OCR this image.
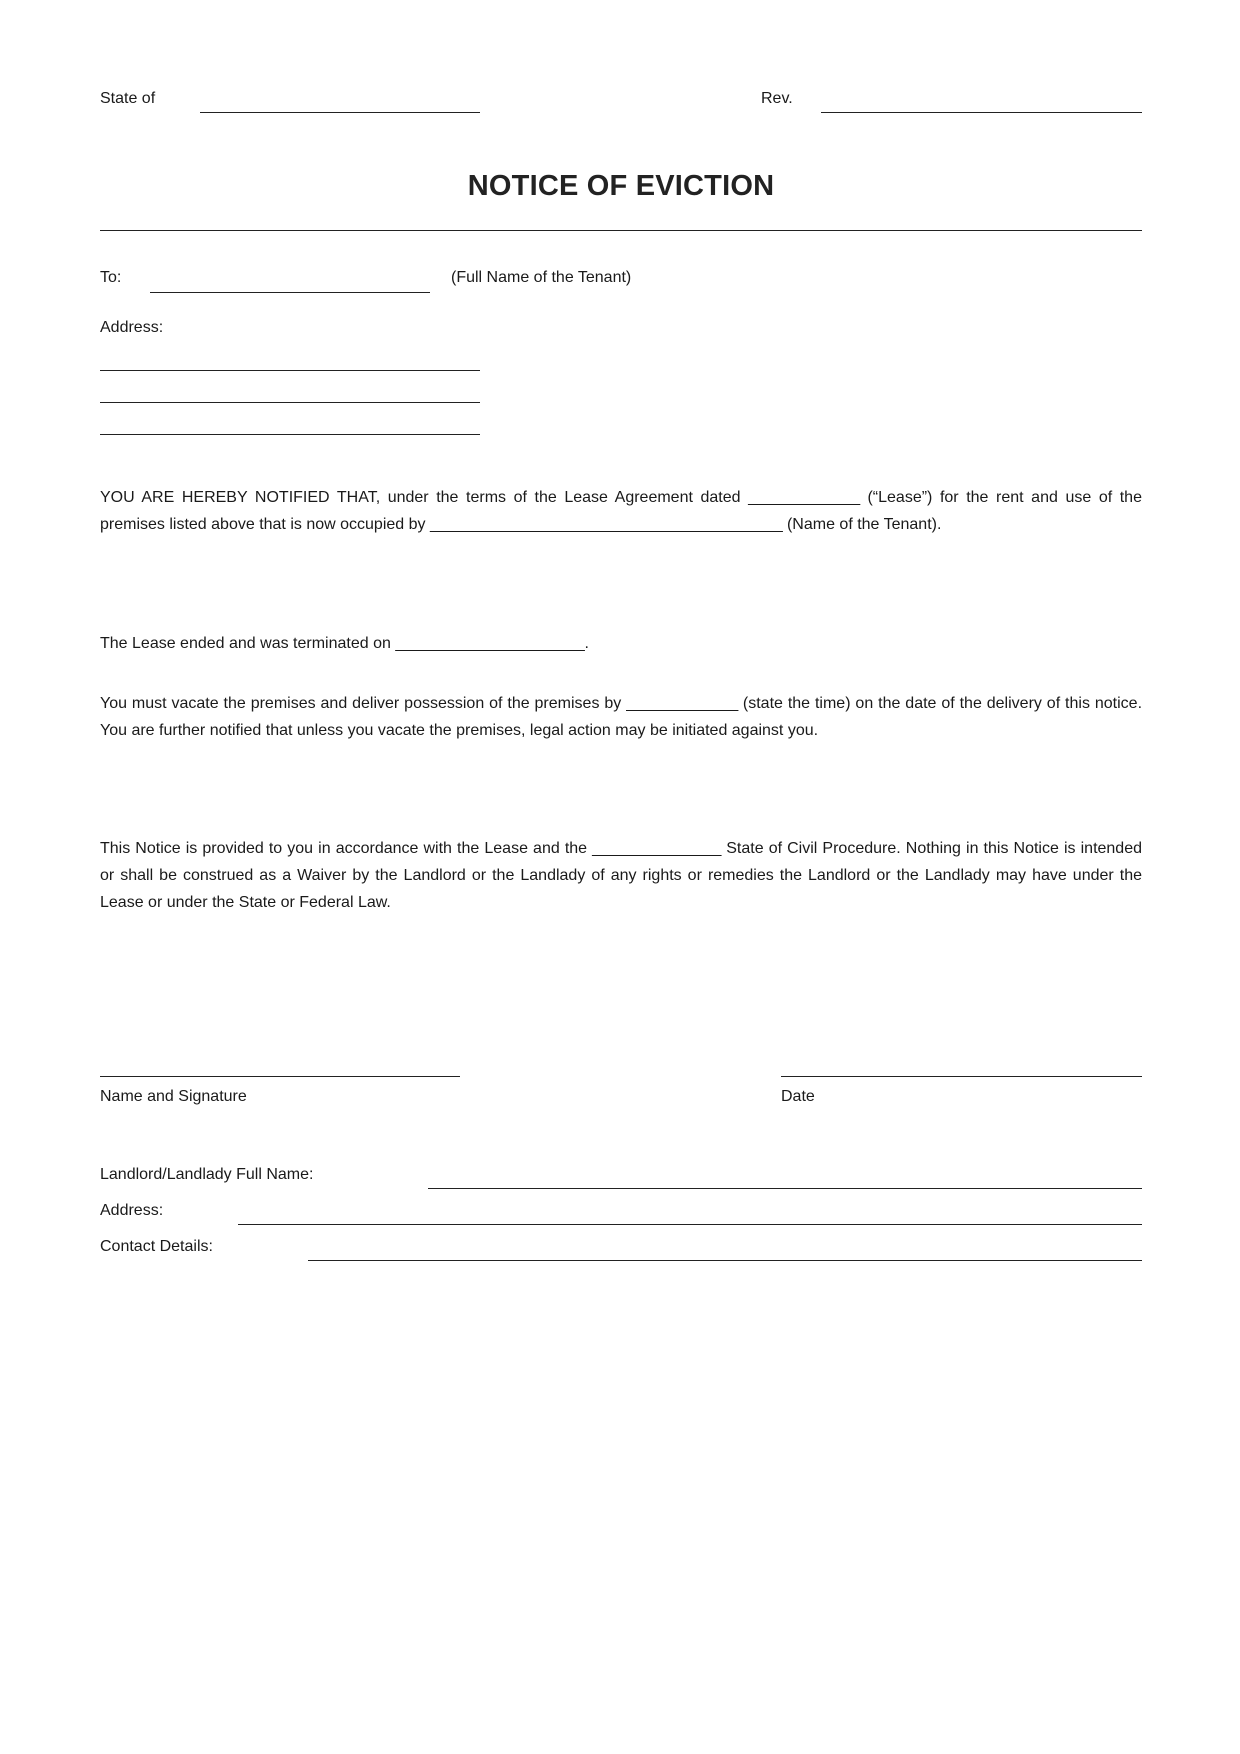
State of	Rev.
NOTICE OF EVICTION
To:	(Full Name of the Tenant)
Address:

YOU ARE HEREBY NOTIFIED THAT, under the terms of the Lease Agreement dated _____________ (“Lease”) for the rent and use of the premises listed above that is now occupied by _________________________________________ (Name of the Tenant).

The Lease ended and was terminated on ______________________.

You must vacate the premises and deliver possession of the premises by _____________ (state the time) on the date of the delivery of this notice. You are further notified that unless you vacate the premises, legal action may be initiated against you.

This Notice is provided to you in accordance with the Lease and the _______________ State of Civil Procedure. Nothing in this Notice is intended or shall be construed as a Waiver by the Landlord or the Landlady of any rights or remedies the Landlord or the Landlady may have under the Lease or under the State or Federal Law.

Name and Signature	Date
Landlord/Landlady Full Name:
Address:
Contact Details:
